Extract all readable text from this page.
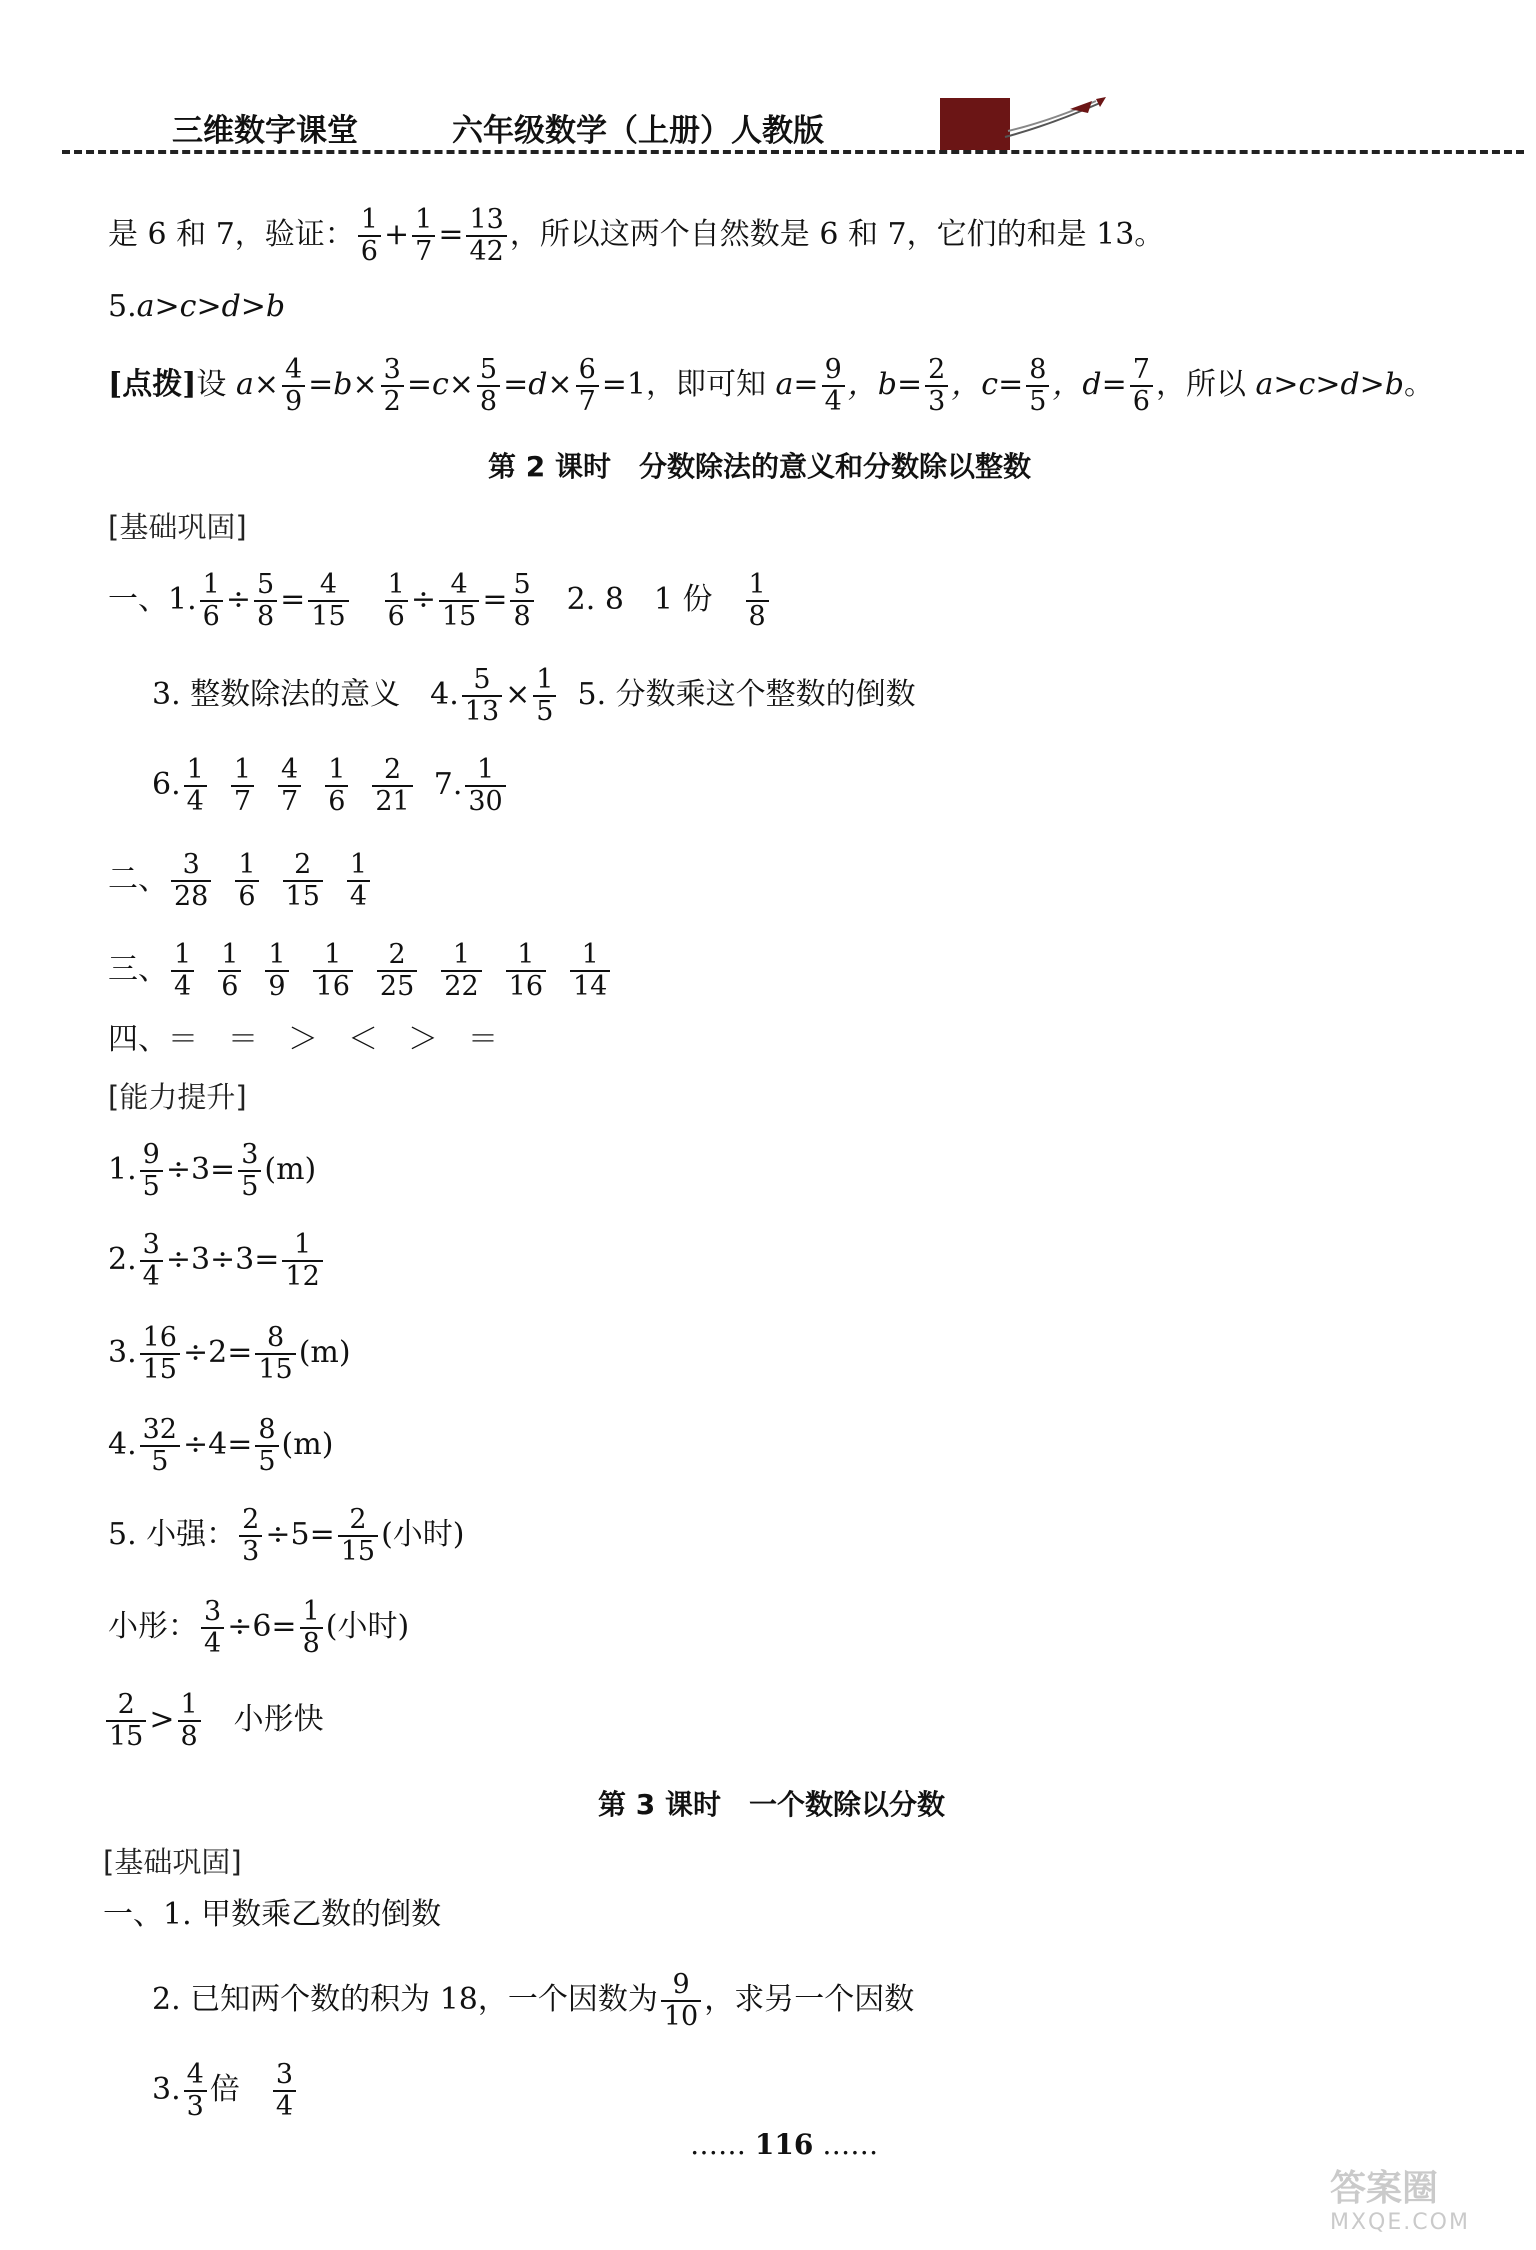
三维数字课堂	六年级数学（上册）人教版
是 6 和 7，验证： $\frac{1}{6} + \frac{1}{7} = \frac{13}{42}$ ，所以这两个自然数是 6 和 7，它们的和是 13。
5.a>c>d>b
[点拨]设 $a\times \frac{4}{9} =b\times \frac{3}{2} =c\times \frac{5}{8} =d\times \frac{6}{7} =1$，即可知 $a= \frac{9}{4}$ ，$b= \frac{2}{3}$ ，$c= \frac{8}{5}$ ，$d= \frac{7}{6}$ ，所以 a>c>d>b。
第 2 课时　分数除法的意义和分数除以整数
[基础巩固]
一、1. $\frac{1}{6} \div \frac{5}{8} = \frac{4}{15} \frac{1}{6} \div \frac{4}{15} = \frac{5}{8} 2$. 8　1 份 $\frac{1}{8}$
3. 整数除法的意义　4. $\frac{5}{13} \times \frac{1}{5} 5$. 分数乘这个整数的倒数
6. $\frac{1}{4} \frac{1}{7} \frac{4}{7} \frac{1}{6} \frac{2}{21} 7$. $\frac{1}{30}$
二、 $\frac{3}{28} \frac{1}{6} \frac{2}{15} \frac{1}{4}$
三、 $\frac{1}{4} \frac{1}{6} \frac{1}{9} \frac{1}{16} \frac{2}{25} \frac{1}{22} \frac{1}{16} \frac{1}{14}$
四、＝　＝　＞　＜　＞　＝
[能力提升]
1. $\frac{9}{5} \div 3= \frac{3}{5} (m)$
2. $\frac{3}{4} \div 3\div 3= \frac{1}{12}$
3. $\frac{16}{15} \div 2= \frac{8}{15} (m)$
4. $\frac{32}{5} \div 4= \frac{8}{5} (m)$
5. 小强： $\frac{2}{3} \div 5= \frac{2}{15}$ (小时)
小彤： $\frac{3}{4} \div 6= \frac{1}{8}$ (小时)
$\frac{2}{15} > \frac{1}{8}$ 　小彤快
第 3 课时　一个数除以分数
[基础巩固]
一、1. 甲数乘乙数的倒数
2. 已知两个数的积为 18，一个因数为 $\frac{9}{10}$ ，求另一个因数
3. $\frac{4}{3}$ 倍 $\frac{3}{4}$
…… 116 ……
答案圈
MXQE.COM
